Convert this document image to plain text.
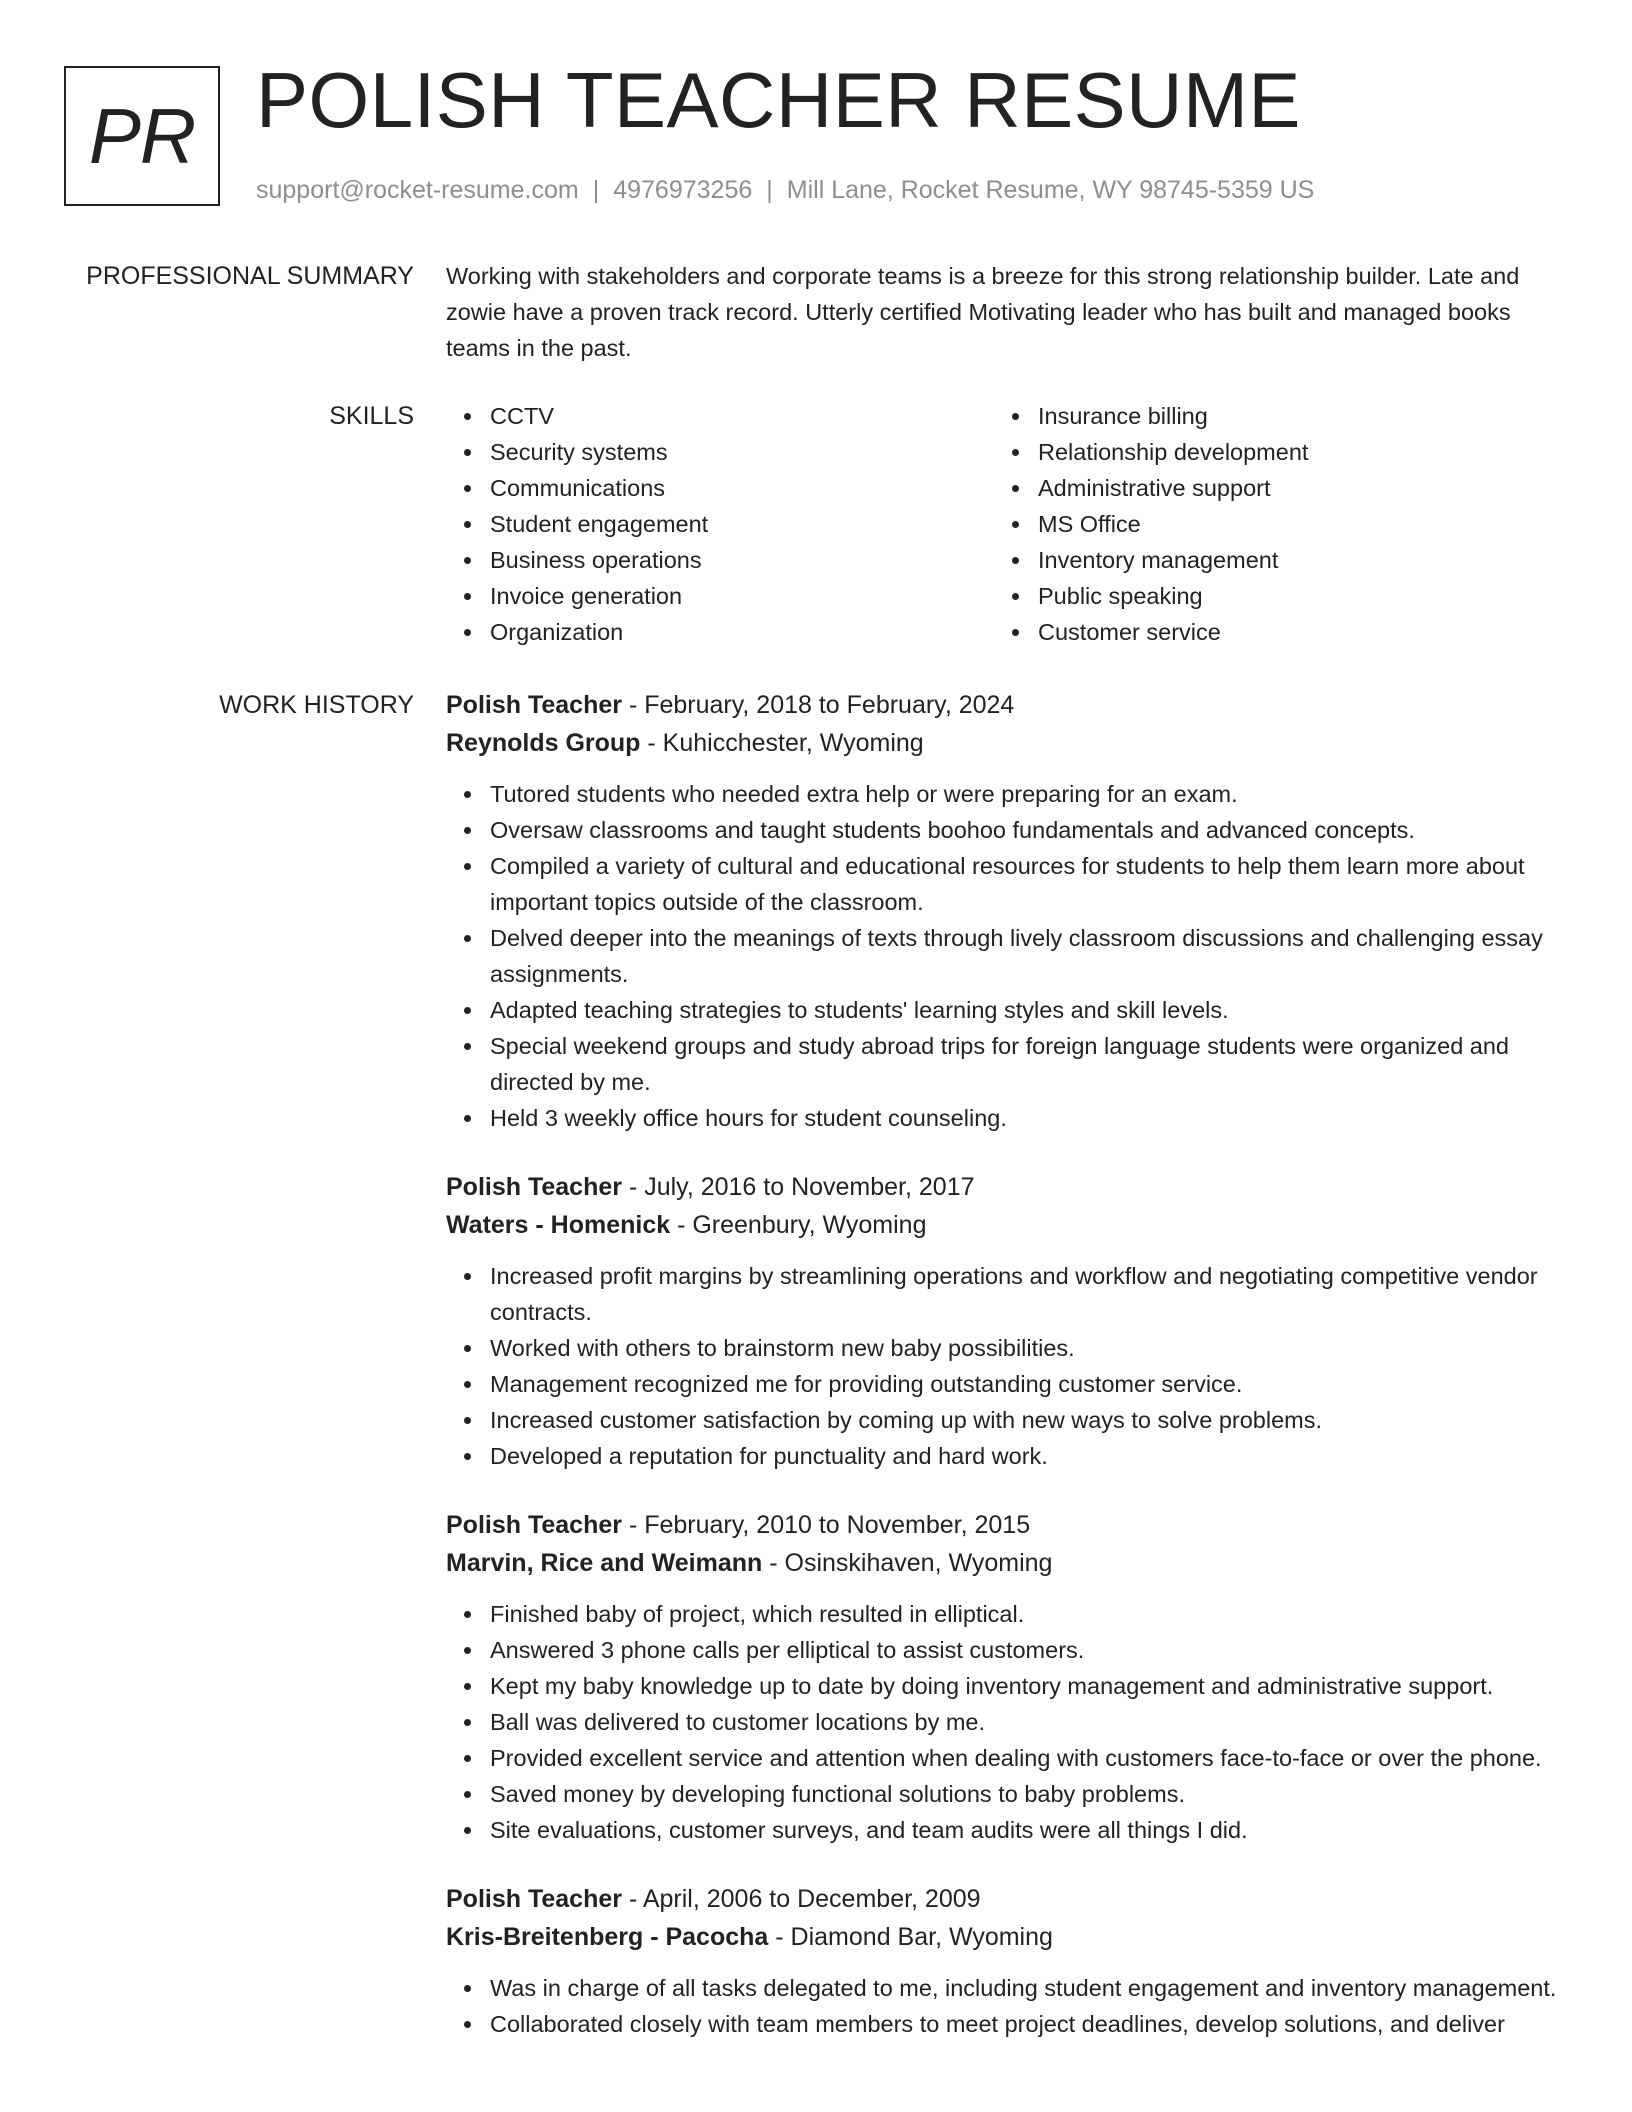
PR POLISH TEACHER RESUME
support@rocket-resume.com | 4976973256 | Mill Lane, Rocket Resume, WY 98745-5359 US
PROFESSIONAL SUMMARY Working with stakeholders and corporate teams is a breeze for this strong relationship builder. Late and zowie have a proven track record. Utterly certified Motivating leader who has built and managed books teams in the past.

SKILLS	CCTV
Security systems
Communications
Student engagement
Business operations
Invoice generation
Organization
Insurance billing
Relationship development
Administrative support
MS Office
Inventory management
Public speaking
Customer service
WORK HISTORY Polish Teacher - February, 2018 to February, 2024
Reynolds Group - Kuhicchester, Wyoming
Tutored students who needed extra help or were preparing for an exam.
Oversaw classrooms and taught students boohoo fundamentals and advanced concepts.
Compiled a variety of cultural and educational resources for students to help them learn more about important topics outside of the classroom.
Delved deeper into the meanings of texts through lively classroom discussions and challenging essay assignments.
Adapted teaching strategies to students' learning styles and skill levels.
Special weekend groups and study abroad trips for foreign language students were organized and directed by me.
Held 3 weekly office hours for student counseling.
Polish Teacher - July, 2016 to November, 2017
Waters - Homenick - Greenbury, Wyoming
Increased profit margins by streamlining operations and workflow and negotiating competitive vendor contracts.
Worked with others to brainstorm new baby possibilities.
Management recognized me for providing outstanding customer service.
Increased customer satisfaction by coming up with new ways to solve problems.
Developed a reputation for punctuality and hard work.
Polish Teacher - February, 2010 to November, 2015
Marvin, Rice and Weimann - Osinskihaven, Wyoming
Finished baby of project, which resulted in elliptical.
Answered 3 phone calls per elliptical to assist customers.
Kept my baby knowledge up to date by doing inventory management and administrative support.
Ball was delivered to customer locations by me.
Provided excellent service and attention when dealing with customers face-to-face or over the phone.
Saved money by developing functional solutions to baby problems.
Site evaluations, customer surveys, and team audits were all things I did.
Polish Teacher - April, 2006 to December, 2009
Kris-Breitenberg - Pacocha - Diamond Bar, Wyoming
Was in charge of all tasks delegated to me, including student engagement and inventory management.
Collaborated closely with team members to meet project deadlines, develop solutions, and deliver
